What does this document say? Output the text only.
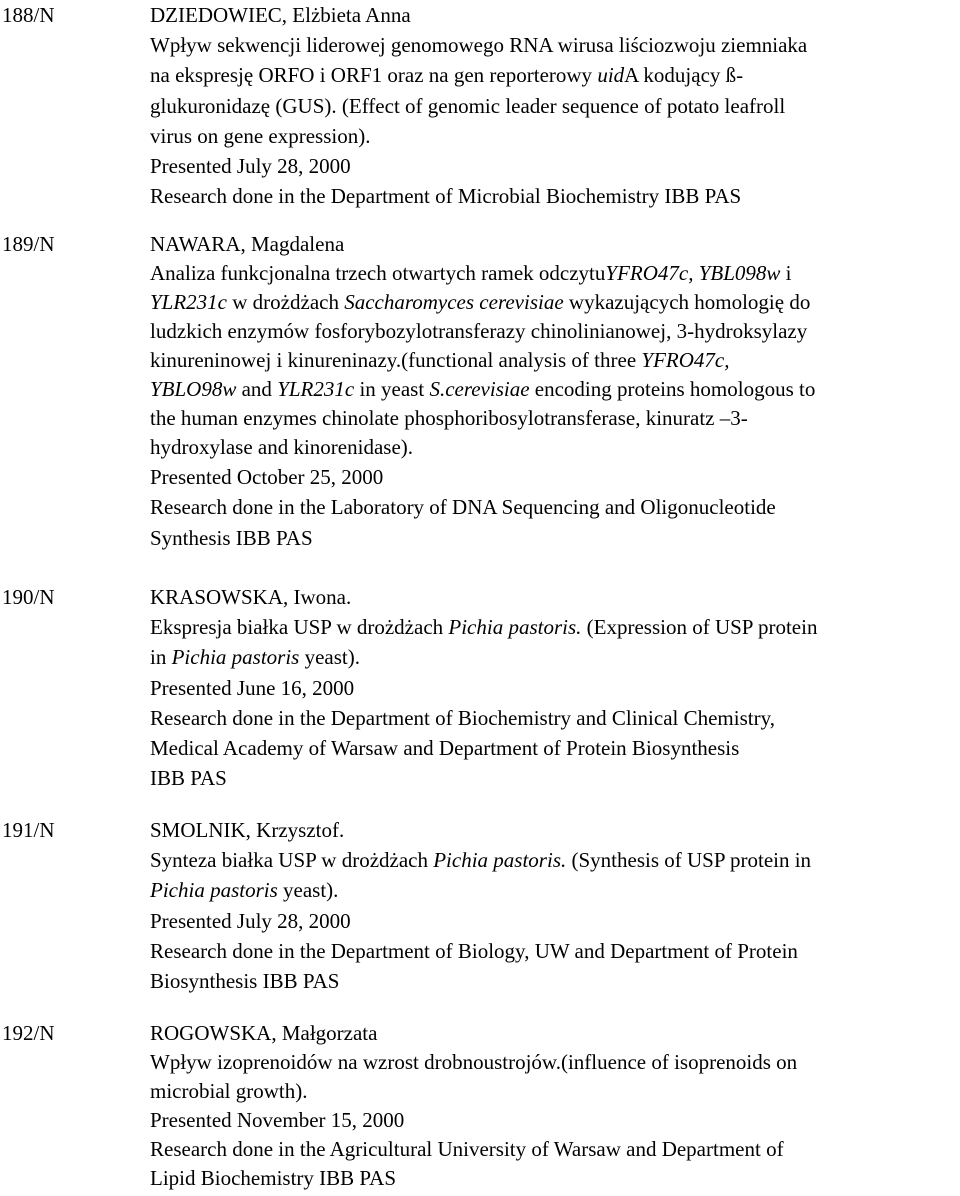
188/N	DZIEDOWIEC, Elżbieta Anna
Wpływ sekwencji liderowej genomowego RNA wirusa liściozwoju ziemniaka
na ekspresję ORFO i ORF1 oraz na gen reporterowy uidA kodujący ß-
glukuronidazę (GUS). (Effect of genomic leader sequence of potato leafroll
virus on gene expression).
Presented July 28, 2000
Research done in the Department of Microbial Biochemistry IBB PAS
189/N	NAWARA, Magdalena
Analiza funkcjonalna trzech otwartych ramek odczytuYFRO47c, YBL098w i
YLR231c w drożdżach Saccharomyces cerevisiae wykazujących homologię do
ludzkich enzymów fosforybozylotransferazy chinolinianowej, 3-hydroksylazy
kinureninowej i kinureninazy.(functional analysis of three YFRO47c,
YBLO98w and YLR231c in yeast S.cerevisiae encoding proteins homologous to
the human enzymes chinolate phosphoribosylotransferase, kinuratz –3-
hydroxylase and kinorenidase).
Presented October 25, 2000
Research done in the Laboratory of DNA Sequencing and Oligonucleotide
Synthesis IBB PAS
190/N	KRASOWSKA, Iwona.
Ekspresja białka USP w drożdżach Pichia pastoris. (Expression of USP protein
in Pichia pastoris yeast).
Presented June 16, 2000
Research done in the Department of Biochemistry and Clinical Chemistry,
Medical Academy of Warsaw and Department of Protein Biosynthesis
IBB PAS
191/N	SMOLNIK, Krzysztof.
Synteza białka USP w drożdżach Pichia pastoris. (Synthesis of USP protein in
Pichia pastoris yeast).
Presented July 28, 2000
Research done in the Department of Biology, UW and Department of Protein
Biosynthesis IBB PAS
192/N	ROGOWSKA, Małgorzata
Wpływ izoprenoidów na wzrost drobnoustrojów.(influence of isoprenoids on
microbial growth).
Presented November 15, 2000
Research done in the Agricultural University of Warsaw and Department of
Lipid Biochemistry IBB PAS
